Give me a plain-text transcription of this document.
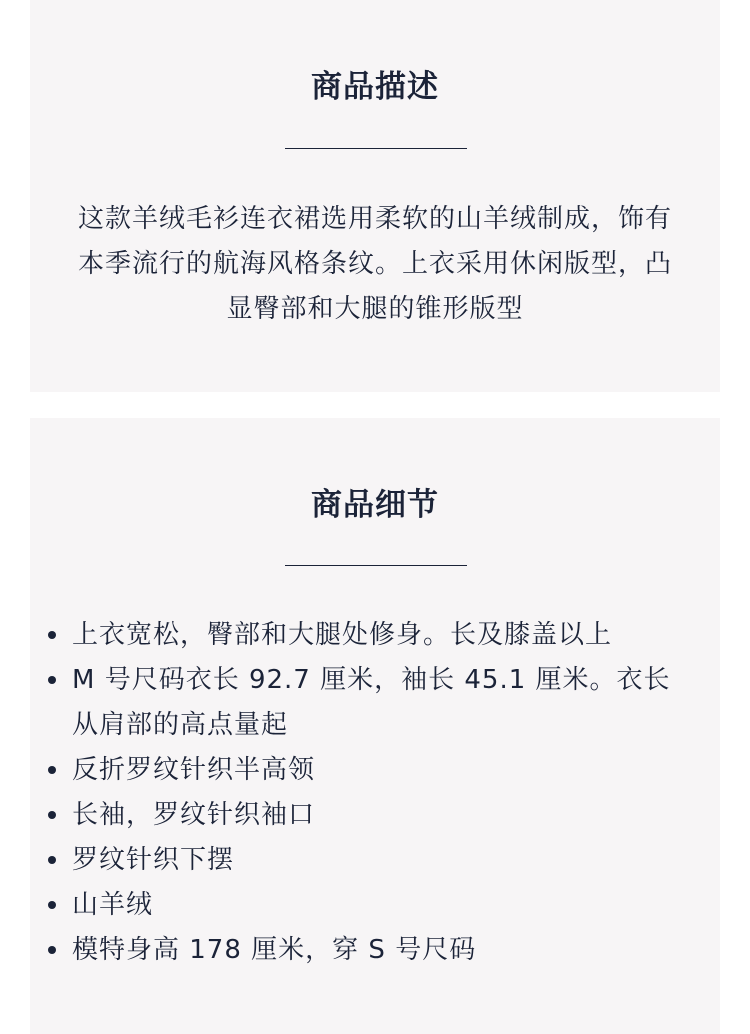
商品描述

这款羊绒毛衫连衣裙选用柔软的山羊绒制成，饰有本季流行的航海风格条纹。上衣采用休闲版型，凸显臀部和大腿的锥形版型

商品细节
上衣宽松，臀部和大腿处修身。长及膝盖以上
M 号尺码衣长 92.7 厘米，袖长 45.1 厘米。衣长从肩部的高点量起
反折罗纹针织半高领
长袖，罗纹针织袖口
罗纹针织下摆
山羊绒
模特身高 178 厘米，穿 S 号尺码
